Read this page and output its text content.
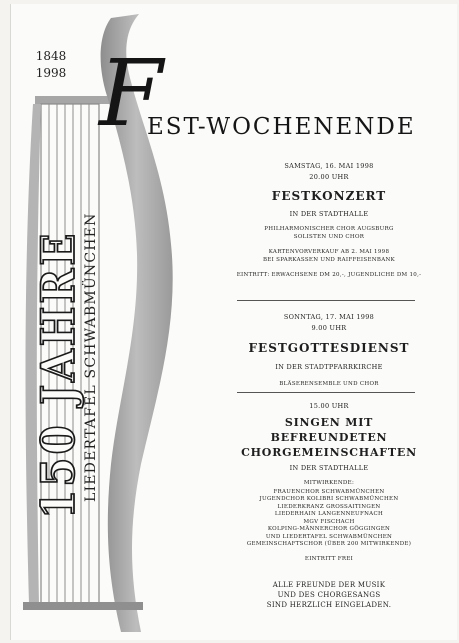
1848
1998
150 JAHRE
LIEDERTAFEL SCHWABMÜNCHEN
F
EST-WOCHENENDE
SAMSTAG, 16. MAI 1998
20.00 UHR
FESTKONZERT
IN DER STADTHALLE
PHILHARMONISCHER CHOR AUGSBURG
SOLISTEN UND CHOR
KARTENVORVERKAUF AB 2. MAI 1998
BEI SPARKASSEN UND RAIFFEISENBANK
EINTRITT: ERWACHSENE DM 20,-, JUGENDLICHE DM 10,-
SONNTAG, 17. MAI 1998
9.00 UHR
FESTGOTTESDIENST
IN DER STADTPFARRKIRCHE
BLÄSERENSEMBLE UND CHOR
15.00 UHR
SINGEN MIT
BEFREUNDETEN
CHORGEMEINSCHAFTEN
IN DER STADTHALLE
MITWIRKENDE:
FRAUENCHOR SCHWABMÜNCHEN
JUGENDCHOR KOLIBRI SCHWABMÜNCHEN
LIEDERKRANZ GROSSAITINGEN
LIEDERHAIN LANGENNEUFNACH
MGV FISCHACH
KOLPING-MÄNNERCHOR GÖGGINGEN
UND LIEDERTAFEL SCHWABMÜNCHEN
GEMEINSCHAFTSCHOR (ÜBER 200 MITWIRKENDE)
EINTRITT FREI
ALLE FREUNDE DER MUSIK
UND DES CHORGESANGS
SIND HERZLICH EINGELADEN.
